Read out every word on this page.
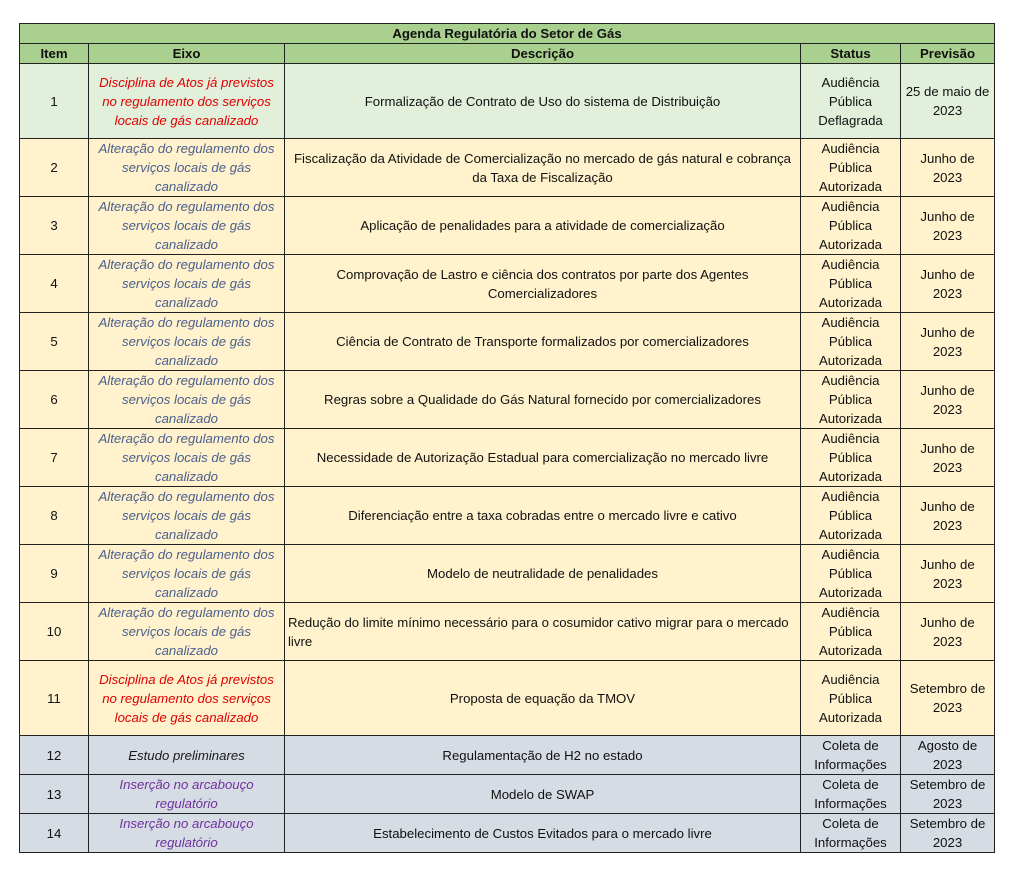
Agenda Regulatória do Setor de Gás				
Item	Eixo	Descrição	Status	Previsão
1	Disciplina de Atos já previstos no regulamento dos serviços locais de gás canalizado	Formalização de Contrato de Uso do sistema de Distribuição	Audiência Pública Deflagrada	25 de maio de 2023
2	Alteração do regulamento dos serviços locais de gás canalizado	Fiscalização da Atividade de Comercialização no mercado de gás natural e cobrança da Taxa de Fiscalização	Audiência Pública Autorizada	Junho de 2023
3	Alteração do regulamento dos serviços locais de gás canalizado	Aplicação de penalidades para a atividade de comercialização	Audiência Pública Autorizada	Junho de 2023
4	Alteração do regulamento dos serviços locais de gás canalizado	Comprovação de Lastro e ciência dos contratos por parte dos Agentes Comercializadores	Audiência Pública Autorizada	Junho de 2023
5	Alteração do regulamento dos serviços locais de gás canalizado	Ciência de Contrato de Transporte formalizados por comercializadores	Audiência Pública Autorizada	Junho de 2023
6	Alteração do regulamento dos serviços locais de gás canalizado	Regras sobre a Qualidade do Gás Natural fornecido por comercializadores	Audiência Pública Autorizada	Junho de 2023
7	Alteração do regulamento dos serviços locais de gás canalizado	Necessidade de Autorização Estadual para comercialização no mercado livre	Audiência Pública Autorizada	Junho de 2023
8	Alteração do regulamento dos serviços locais de gás canalizado	Diferenciação entre a taxa cobradas entre o mercado livre e cativo	Audiência Pública Autorizada	Junho de 2023
9	Alteração do regulamento dos serviços locais de gás canalizado	Modelo de neutralidade de penalidades	Audiência Pública Autorizada	Junho de 2023
10	Alteração do regulamento dos serviços locais de gás canalizado	Redução do limite mínimo necessário para o cosumidor cativo migrar para o mercado livre	Audiência Pública Autorizada	Junho de 2023
11	Disciplina de Atos já previstos no regulamento dos serviços locais de gás canalizado	Proposta de equação da TMOV	Audiência Pública Autorizada	Setembro de 2023
12	Estudo preliminares	Regulamentação de H2 no estado	Coleta de Informações	Agosto de 2023
13	Inserção no arcabouço regulatório	Modelo de SWAP	Coleta de Informações	Setembro de 2023
14	Inserção no arcabouço regulatório	Estabelecimento de Custos Evitados para o mercado livre	Coleta de Informações	Setembro de 2023
